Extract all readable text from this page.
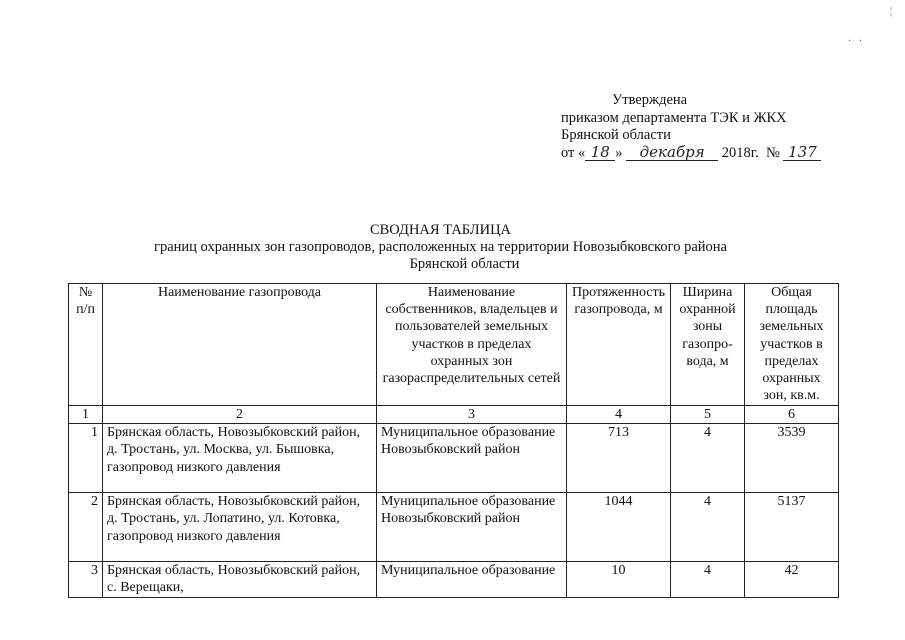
¦
·   ·
Утверждена
приказом департамента ТЭК и ЖКХ
Брянской области
от « 18 » декабря 2018г. № 137
СВОДНАЯ ТАБЛИЦА
границ охранных зон газопроводов, расположенных на территории Новозыбковского района
Брянской области
№ п/п	Наименование газопровода	Наименование собственников, владельцев и пользователей земельных участков в пределах охранных зон газораспределительных сетей	Протяженность газопровода, м	Ширина охранной зоны газопро-вода, м	Общая площадь земельных участков в пределах охранных зон, кв.м.
1	2	3	4	5	6
1	Брянская область, Новозыбковский район, д. Тростань, ул. Москва, ул. Бышовка, газопровод низкого давления	Муниципальное образование Новозыбковский район	713	4	3539
2	Брянская область, Новозыбковский район, д. Тростань, ул. Лопатино, ул. Котовка, газопровод низкого давления	Муниципальное образование Новозыбковский район	1044	4	5137
3	Брянская область, Новозыбковский район, с. Верещаки,	Муниципальное образование	10	4	42
